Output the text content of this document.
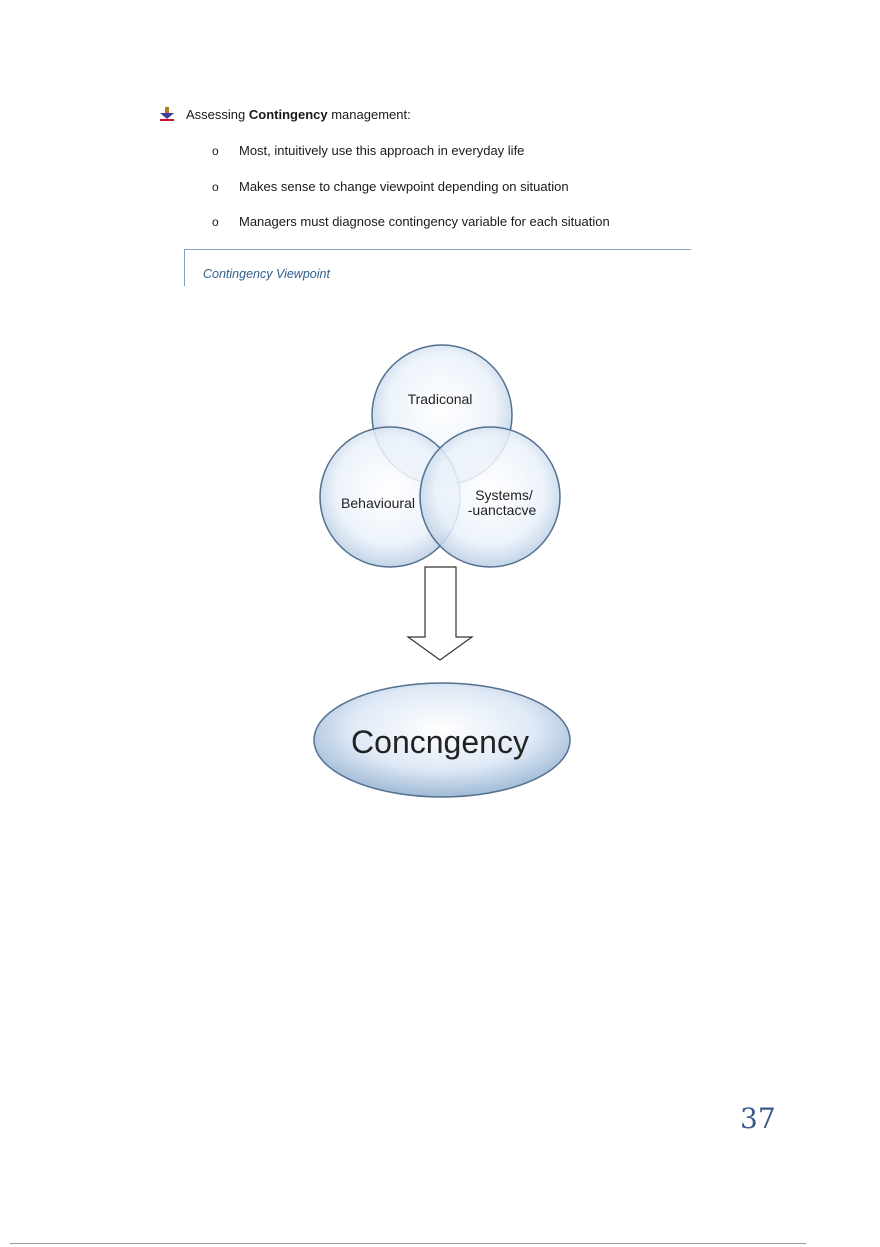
Assessing Contingency management:
o	Most, intuitively use this approach in everyday life
o	Makes sense to change viewpoint depending on situation
o	Managers must diagnose contingency variable for each situation
Contingency Viewpoint
Tradiconal
Behavioural	Systems/
-uanctacve
Concngency
37
